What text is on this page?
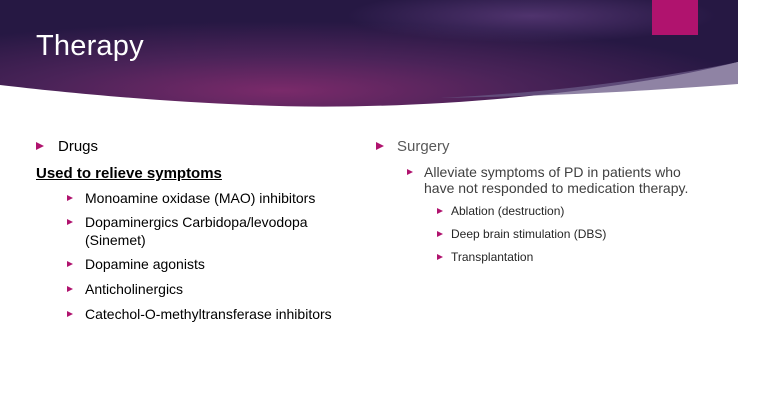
Therapy
Drugs
Used to relieve symptoms
Monoamine oxidase (MAO) inhibitors
Dopaminergics Carbidopa/levodopa
(Sinemet)
Dopamine agonists
Anticholinergics
Catechol-O-methyltransferase inhibitors
Surgery
Alleviate symptoms of PD in patients who
have not responded to medication therapy.
Ablation (destruction)
Deep brain stimulation (DBS)
Transplantation
